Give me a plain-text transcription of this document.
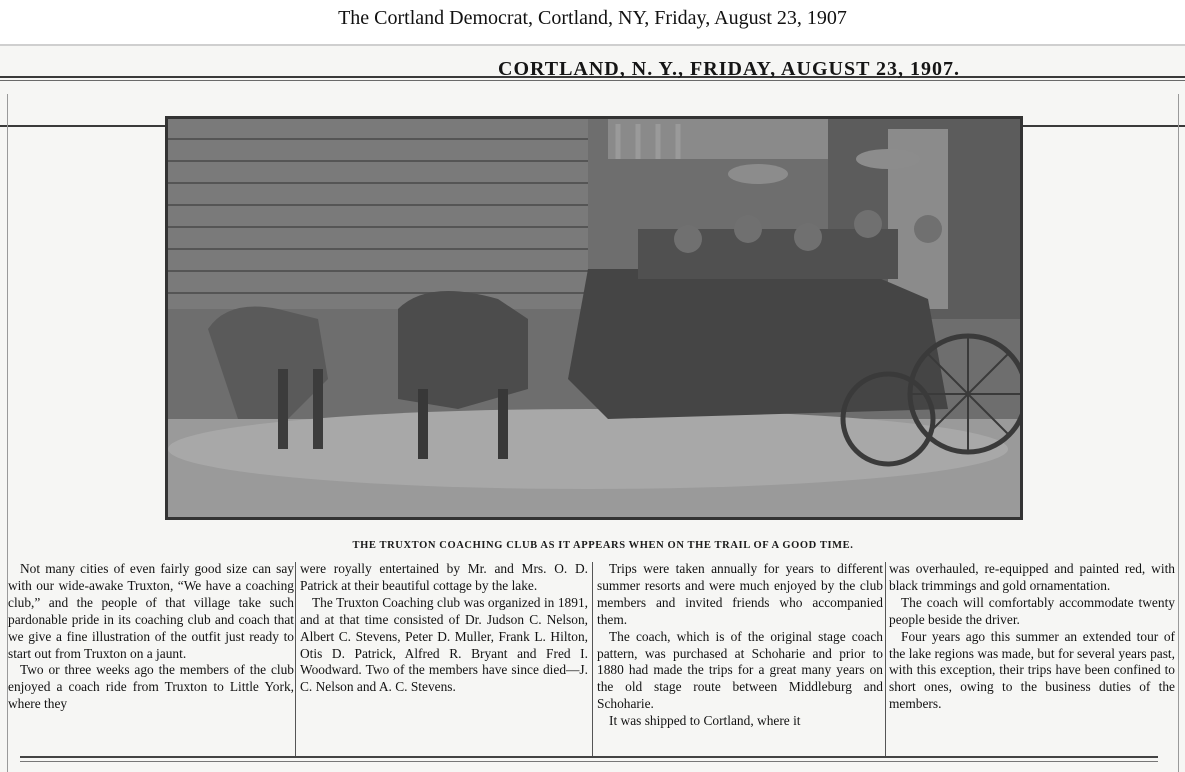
The Cortland Democrat, Cortland, NY, Friday, August 23, 1907
CORTLAND, N. Y., FRIDAY, AUGUST 23, 1907.
THE TRUXTON COACHING CLUB AS IT APPEARS WHEN ON THE TRAIL OF A GOOD TIME.

Not many cities of even fairly good size can say with our wide-awake Truxton, “We have a coaching club,” and the people of that village take such pardonable pride in its coaching club and coach that we give a fine illustration of the outfit just ready to start out from Truxton on a jaunt.

Two or three weeks ago the members of the club enjoyed a coach ride from Truxton to Little York, where they

were royally entertained by Mr. and Mrs. O. D. Patrick at their beautiful cottage by the lake.

The Truxton Coaching club was organized in 1891, and at that time consisted of Dr. Judson C. Nelson, Albert C. Stevens, Peter D. Muller, Frank L. Hilton, Otis D. Patrick, Alfred R. Bryant and Fred I. Woodward. Two of the members have since died—J. C. Nelson and A. C. Stevens.

Trips were taken annually for years to different summer resorts and were much enjoyed by the club members and invited friends who accompanied them.

The coach, which is of the original stage coach pattern, was purchased at Schoharie and prior to 1880 had made the trips for a great many years on the old stage route between Middleburg and Schoharie.

It was shipped to Cortland, where it

was overhauled, re-equipped and painted red, with black trimmings and gold ornamentation.

The coach will comfortably accommodate twenty people beside the driver.

Four years ago this summer an extended tour of the lake regions was made, but for several years past, with this exception, their trips have been confined to short ones, owing to the business duties of the members.
